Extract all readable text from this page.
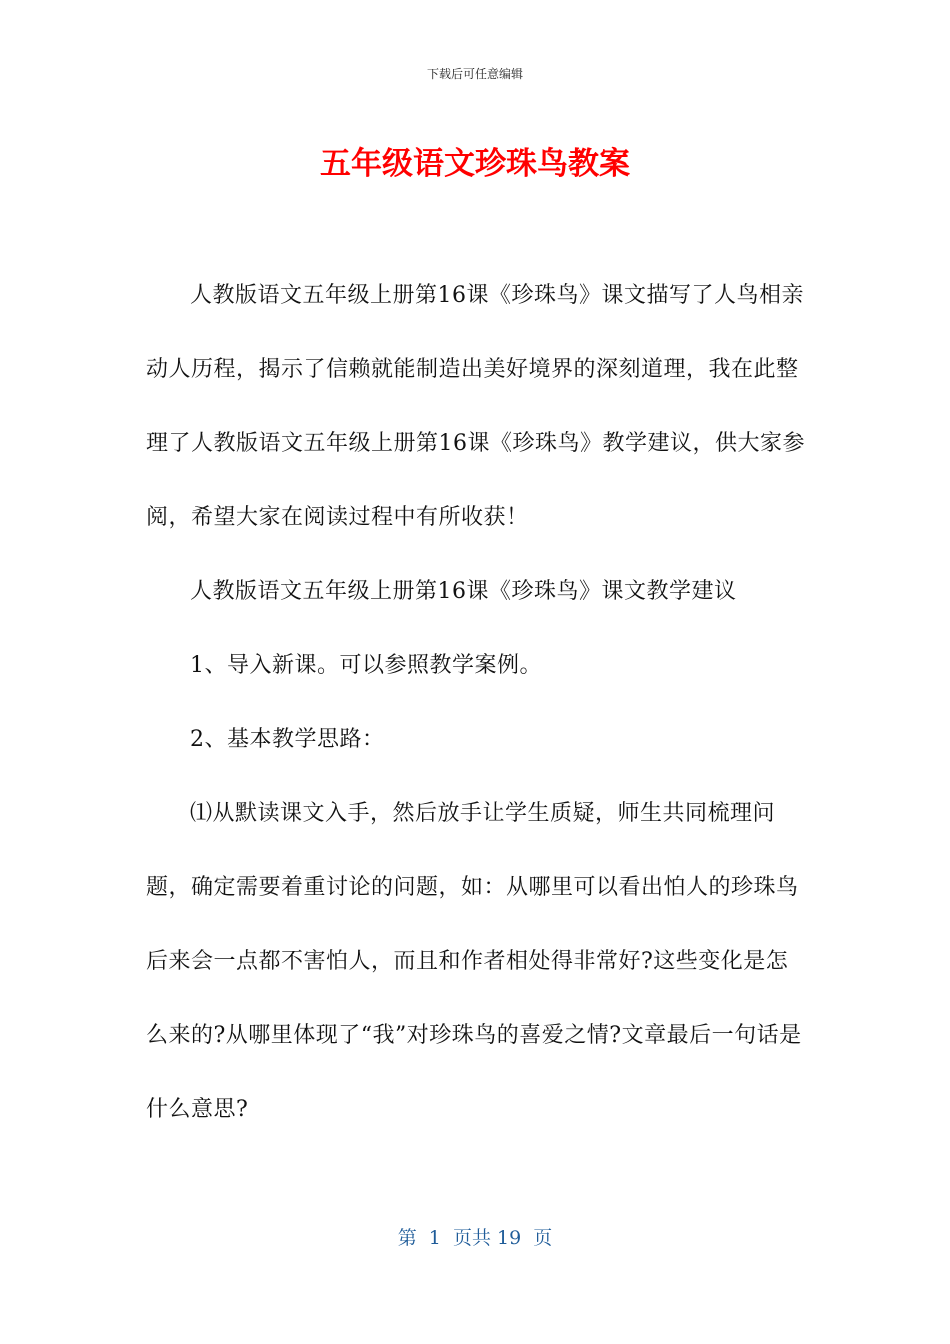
下载后可任意编辑
五年级语文珍珠鸟教案

人教版语文五年级上册第16课《珍珠鸟》课文描写了人鸟相亲动人历程，揭示了信赖就能制造出美好境界的深刻道理，我在此整理了人教版语文五年级上册第16课《珍珠鸟》教学建议，供大家参阅，希望大家在阅读过程中有所收获！

人教版语文五年级上册第16课《珍珠鸟》课文教学建议

1、导入新课。可以参照教学案例。

2、基本教学思路：

⑴从默读课文入手，然后放手让学生质疑，师生共同梳理问题，确定需要着重讨论的问题，如：从哪里可以看出怕人的珍珠鸟后来会一点都不害怕人，而且和作者相处得非常好?这些变化是怎么来的?从哪里体现了“我”对珍珠鸟的喜爱之情?文章最后一句话是什么意思?

第  1  页共 19  页
